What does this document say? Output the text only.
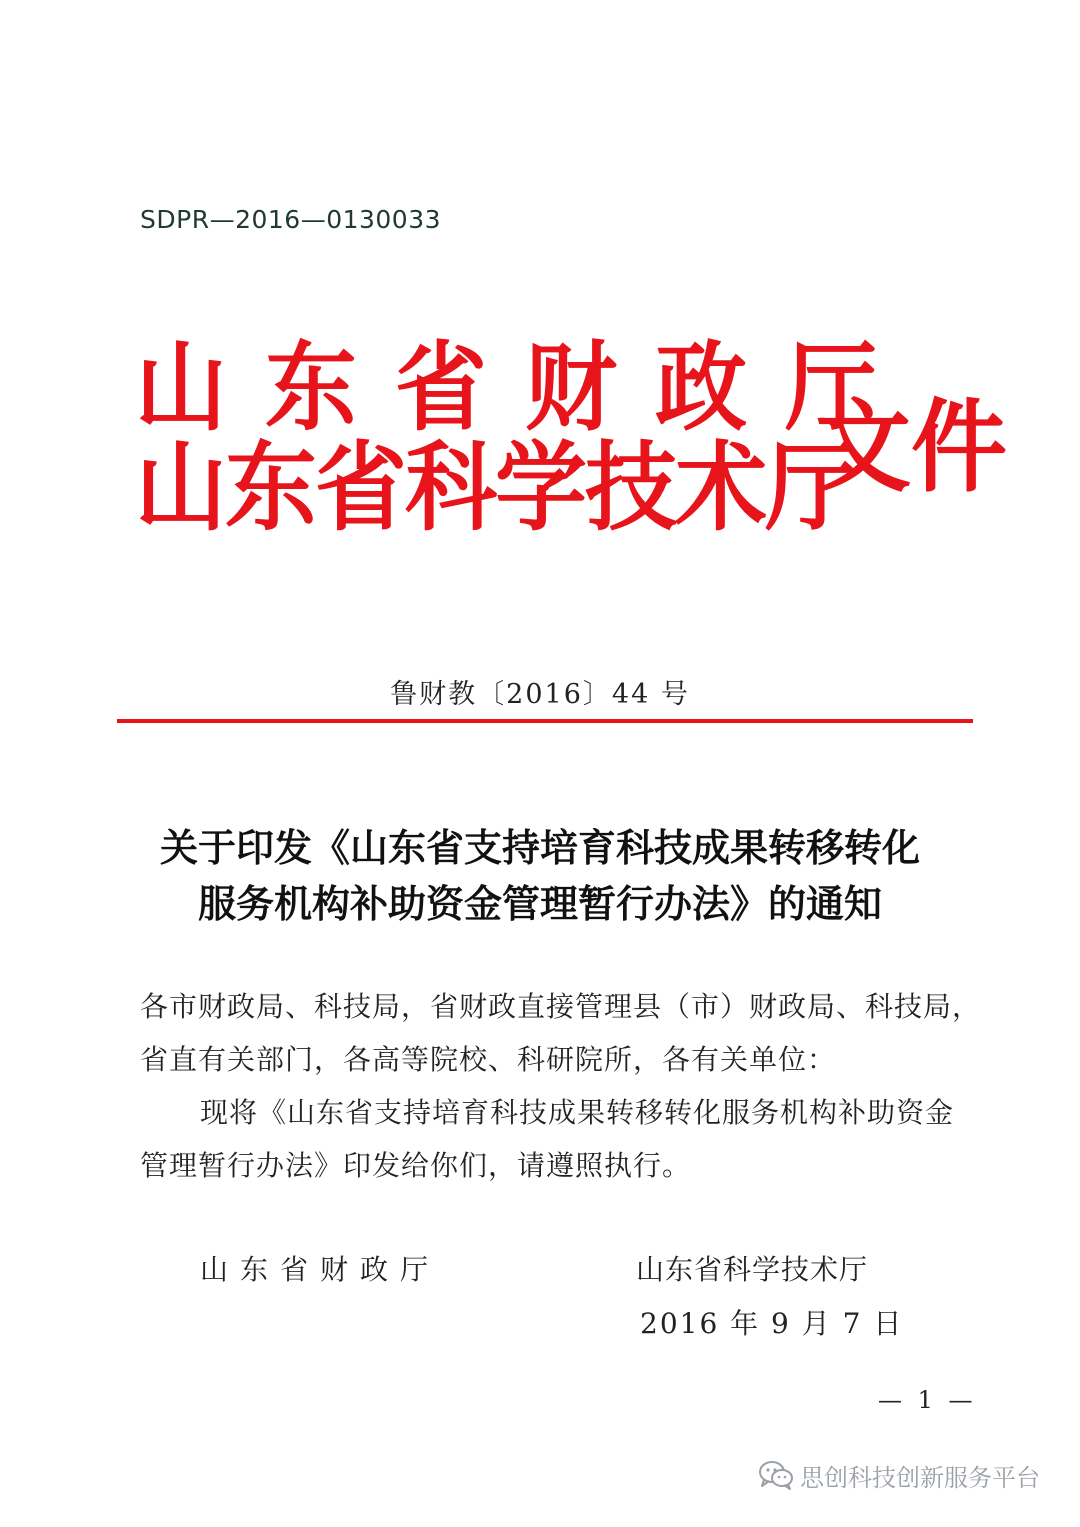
SDPR—2016—0130033
山东省财政厅
山东省科学技术厅
文件
鲁财教〔2016〕44 号
关于印发《山东省支持培育科技成果转移转化
服务机构补助资金管理暂行办法》的通知
各市财政局、科技局，省财政直接管理县（市）财政局、科技局，
省直有关部门，各高等院校、科研院所，各有关单位：
现将《山东省支持培育科技成果转移转化服务机构补助资金
管理暂行办法》印发给你们，请遵照执行。
山东省财政厅	山东省科学技术厅
2016 年 9 月 7 日
— 1 —
思创科技创新服务平台
